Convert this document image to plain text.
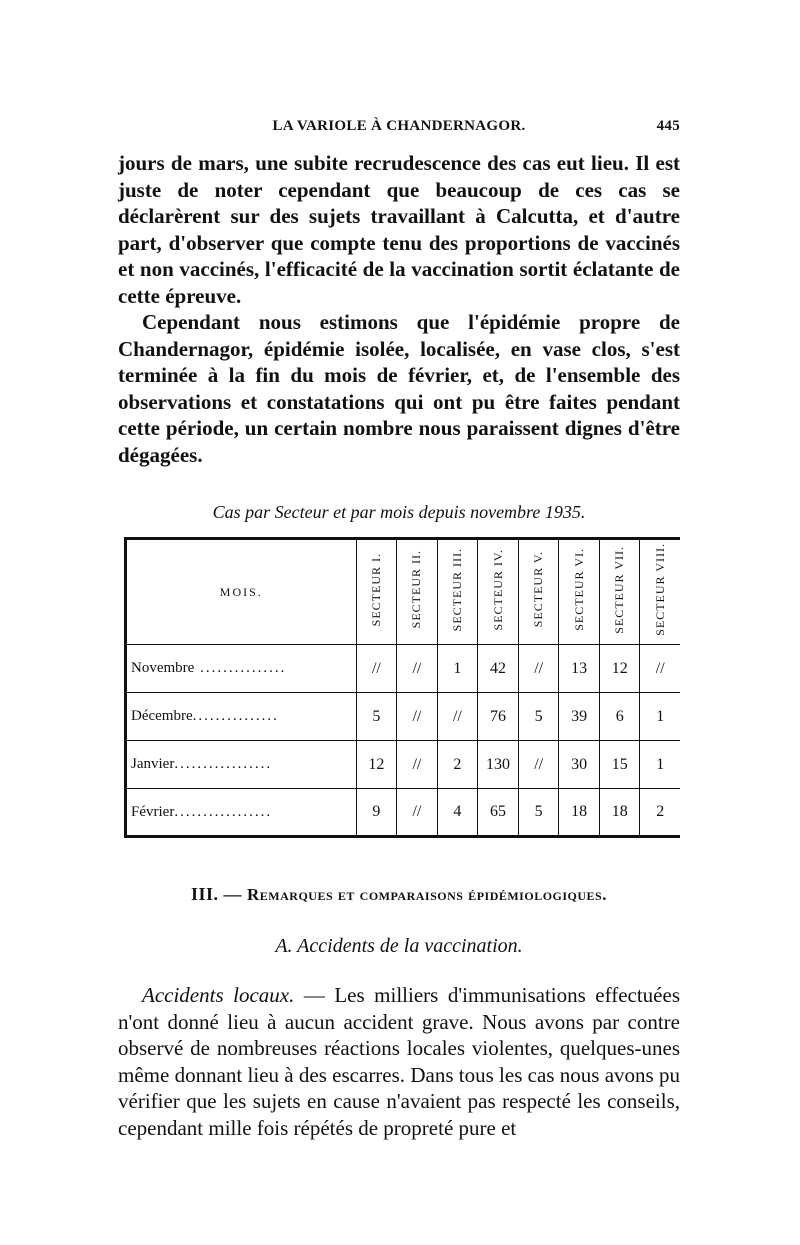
LA VARIOLE À CHANDERNAGOR.	445

jours de mars, une subite recrudescence des cas eut lieu. Il est juste de noter cependant que beaucoup de ces cas se déclarèrent sur des sujets travaillant à Calcutta, et d'autre part, d'observer que compte tenu des proportions de vaccinés et non vaccinés, l'efficacité de la vaccination sortit éclatante de cette épreuve.

Cependant nous estimons que l'épidémie propre de Chandernagor, épidémie isolée, localisée, en vase clos, s'est terminée à la fin du mois de février, et, de l'ensemble des observations et constatations qui ont pu être faites pendant cette période, un certain nombre nous paraissent dignes d'être dégagées.

Cas par Secteur et par mois depuis novembre 1935.
MOIS.	SECTEUR I.	SECTEUR II.	SECTEUR III.	SECTEUR IV.	SECTEUR V.	SECTEUR VI.	SECTEUR VII.	SECTEUR VIII.
Novembre ...............	//	//	1	42	//	13	12	//
Décembre...............	5	//	//	76	5	39	6	1
Janvier.................	12	//	2	130	//	30	15	1
Février.................	9	//	4	65	5	18	18	2
III. — Remarques et comparaisons épidémiologiques.
A. Accidents de la vaccination.

Accidents locaux. — Les milliers d'immunisations effectuées n'ont donné lieu à aucun accident grave. Nous avons par contre observé de nombreuses réactions locales violentes, quelques-unes même donnant lieu à des escarres. Dans tous les cas nous avons pu vérifier que les sujets en cause n'avaient pas respecté les conseils, cependant mille fois répétés de propreté pure et
